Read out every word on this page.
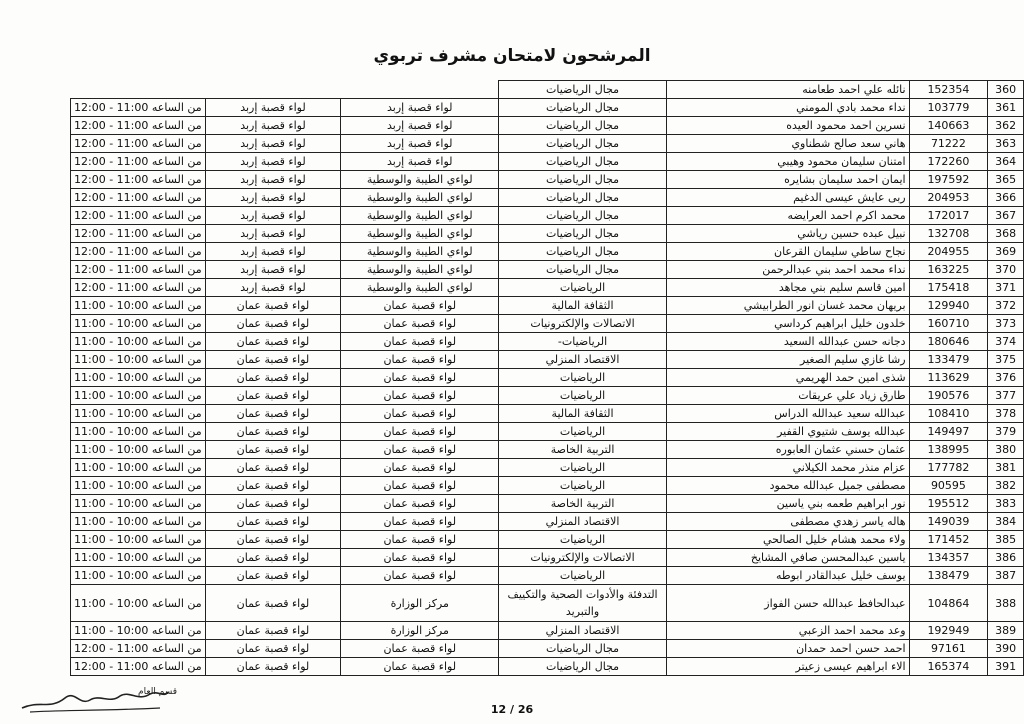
المرشحون لامتحان مشرف تربوي
			مجال الرياضيات	نائله علي احمد طعامنه	152354	360
من الساعه 11:00 - 12:00	لواء قصبة إربد	لواء قصبة إربد	مجال الرياضيات	نداء محمد بادي المومني	103779	361
من الساعه 11:00 - 12:00	لواء قصبة إربد	لواء قصبة إربد	مجال الرياضيات	نسرين احمد محمود العيده	140663	362
من الساعه 11:00 - 12:00	لواء قصبة إربد	لواء قصبة إربد	مجال الرياضيات	هاني سعد صالح شطناوي	71222	363
من الساعه 11:00 - 12:00	لواء قصبة إربد	لواء قصبة إربد	مجال الرياضيات	امتنان سليمان محمود وهيبي	172260	364
من الساعه 11:00 - 12:00	لواء قصبة إربد	لواءي الطيبة والوسطية	مجال الرياضيات	ايمان احمد سليمان بشايره	197592	365
من الساعه 11:00 - 12:00	لواء قصبة إربد	لواءي الطيبة والوسطية	مجال الرياضيات	ربى عايش عيسى الدغيم	204953	366
من الساعه 11:00 - 12:00	لواء قصبة إربد	لواءي الطيبة والوسطية	مجال الرياضيات	محمد اكرم احمد العرايضه	172017	367
من الساعه 11:00 - 12:00	لواء قصبة إربد	لواءي الطيبة والوسطية	مجال الرياضيات	نبيل عبده حسين رياشي	132708	368
من الساعه 11:00 - 12:00	لواء قصبة إربد	لواءي الطيبة والوسطية	مجال الرياضيات	نجاح ساطي سليمان القرعان	204955	369
من الساعه 11:00 - 12:00	لواء قصبة إربد	لواءي الطيبة والوسطية	مجال الرياضيات	نداء محمد احمد بني عبدالرحمن	163225	370
من الساعه 11:00 - 12:00	لواء قصبة إربد	لواءي الطيبة والوسطية	الرياضيات	امين قاسم سليم بني مجاهد	175418	371
من الساعه 10:00 - 11:00	لواء قصبة عمان	لواء قصبة عمان	الثقافة المالية	بريهان محمد غسان انور الطرابيشي	129940	372
من الساعه 10:00 - 11:00	لواء قصبة عمان	لواء قصبة عمان	الاتصالات والإلكترونيات	خلدون خليل ابراهيم كرداسي	160710	373
من الساعه 10:00 - 11:00	لواء قصبة عمان	لواء قصبة عمان	الرياضيات-	دجانه حسن عبدالله السعيد	180646	374
من الساعه 10:00 - 11:00	لواء قصبة عمان	لواء قصبة عمان	الاقتصاد المنزلي	رشا غازي سليم الصغير	133479	375
من الساعه 10:00 - 11:00	لواء قصبة عمان	لواء قصبة عمان	الرياضيات	شذى امين حمد الهريمي	113629	376
من الساعه 10:00 - 11:00	لواء قصبة عمان	لواء قصبة عمان	الرياضيات	طارق زياد علي عريقات	190576	377
من الساعه 10:00 - 11:00	لواء قصبة عمان	لواء قصبة عمان	الثقافة المالية	عبدالله سعيد عبدالله الدراس	108410	378
من الساعه 10:00 - 11:00	لواء قصبة عمان	لواء قصبة عمان	الرياضيات	عبدالله يوسف شتيوي القفير	149497	379
من الساعه 10:00 - 11:00	لواء قصبة عمان	لواء قصبة عمان	التربية الخاصة	عثمان حسني عثمان العابوره	138995	380
من الساعه 10:00 - 11:00	لواء قصبة عمان	لواء قصبة عمان	الرياضيات	عزام منذر محمد الكيلاني	177782	381
من الساعه 10:00 - 11:00	لواء قصبة عمان	لواء قصبة عمان	الرياضيات	مصطفى جميل عبدالله محمود	90595	382
من الساعه 10:00 - 11:00	لواء قصبة عمان	لواء قصبة عمان	التربية الخاصة	نور ابراهيم طعمه بني ياسين	195512	383
من الساعه 10:00 - 11:00	لواء قصبة عمان	لواء قصبة عمان	الاقتصاد المنزلي	هاله ياسر زهدي مصطفى	149039	384
من الساعه 10:00 - 11:00	لواء قصبة عمان	لواء قصبة عمان	الرياضيات	ولاء محمد هشام خليل الصالحي	171452	385
من الساعه 10:00 - 11:00	لواء قصبة عمان	لواء قصبة عمان	الاتصالات والإلكترونيات	ياسين عبدالمحسن صافي المشايخ	134357	386
من الساعه 10:00 - 11:00	لواء قصبة عمان	لواء قصبة عمان	الرياضيات	يوسف خليل عبدالقادر ابوطه	138479	387
من الساعه 10:00 - 11:00	لواء قصبة عمان	مركز الوزارة	التدفئة والأدوات الصحية والتكييف والتبريد	عبدالحافظ عبدالله حسن الفواز	104864	388
من الساعه 10:00 - 11:00	لواء قصبة عمان	مركز الوزارة	الاقتصاد المنزلي	وعد محمد احمد الزعبي	192949	389
من الساعه 11:00 - 12:00	لواء قصبة عمان	لواء قصبة عمان	مجال الرياضيات	احمد حسن احمد حمدان	97161	390
من الساعه 11:00 - 12:00	لواء قصبة عمان	لواء قصبة عمان	مجال الرياضيات	الاء ابراهيم عيسى زعيتر	165374	391
12 / 26
قسم العام
